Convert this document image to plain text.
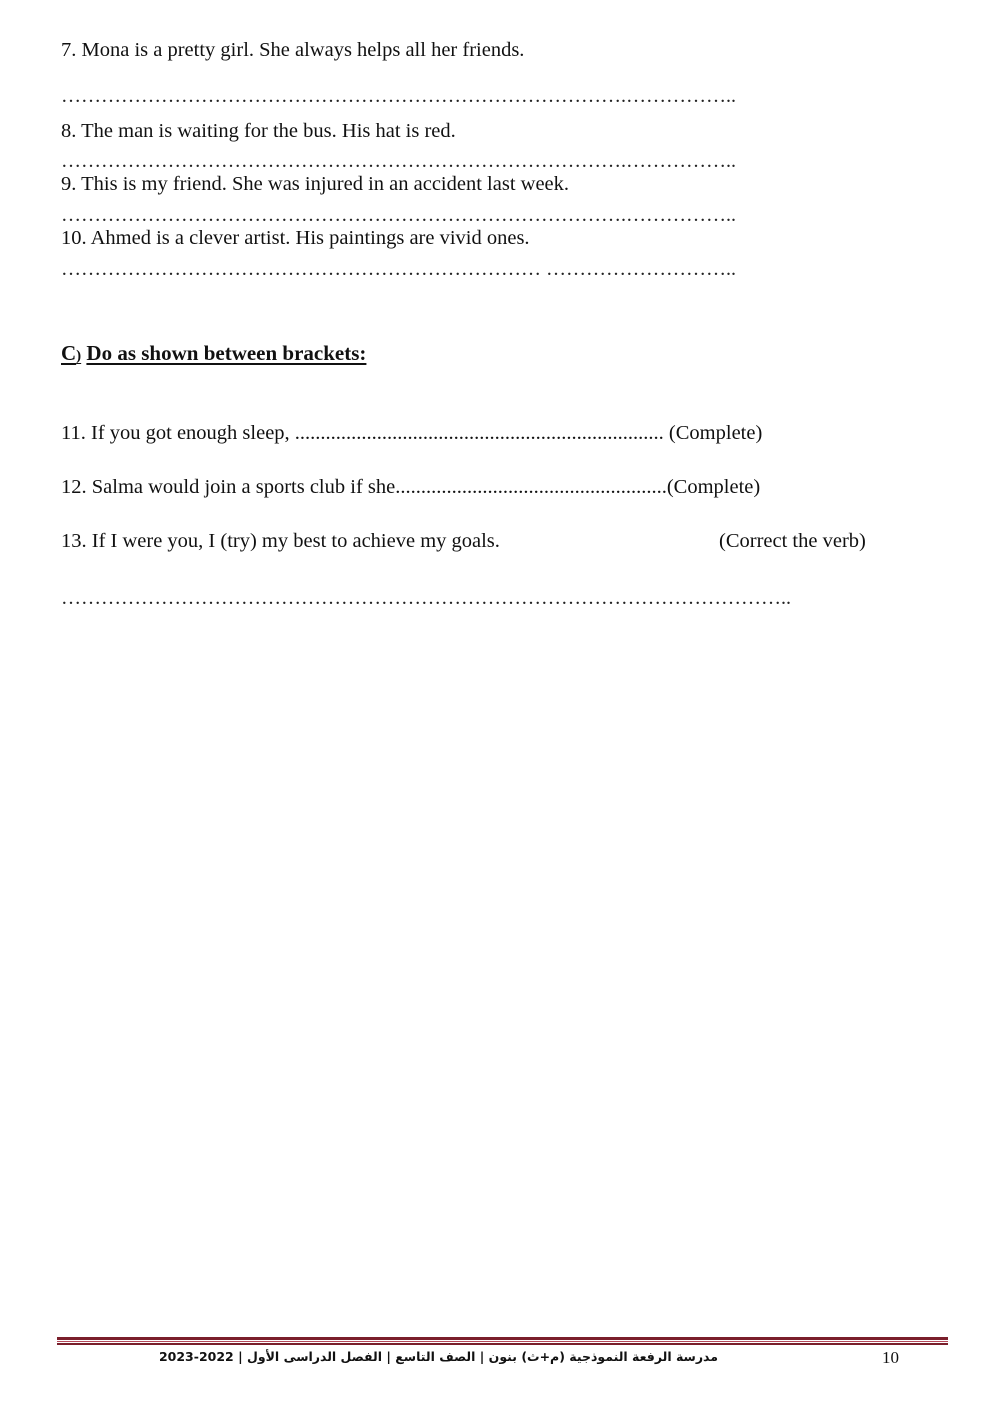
7. Mona is a pretty girl. She always helps all her friends.
………………………………………………………………………….……………..
8. The man is waiting for the bus. His hat is red.
………………………………………………………………………….……………..
9. This is my friend. She was injured in an accident last week.
………………………………………………………………………….……………..
10. Ahmed is a clever artist. His paintings are vivid ones.
……………………………………………………………… ………………………..
C) Do as shown between brackets:
11. If you got enough sleep, ........................................................................ (Complete)
12. Salma would join a sports club if she.....................................................(Complete)
13. If I were you, I (try) my best to achieve my goals.	(Correct the verb)
………………………………………………………………………………………………..
مدرسة الرفعة النموذجية (م+ث) بنون | الصف التاسع | الفصل الدراسى الأول | 2022-2023	10
